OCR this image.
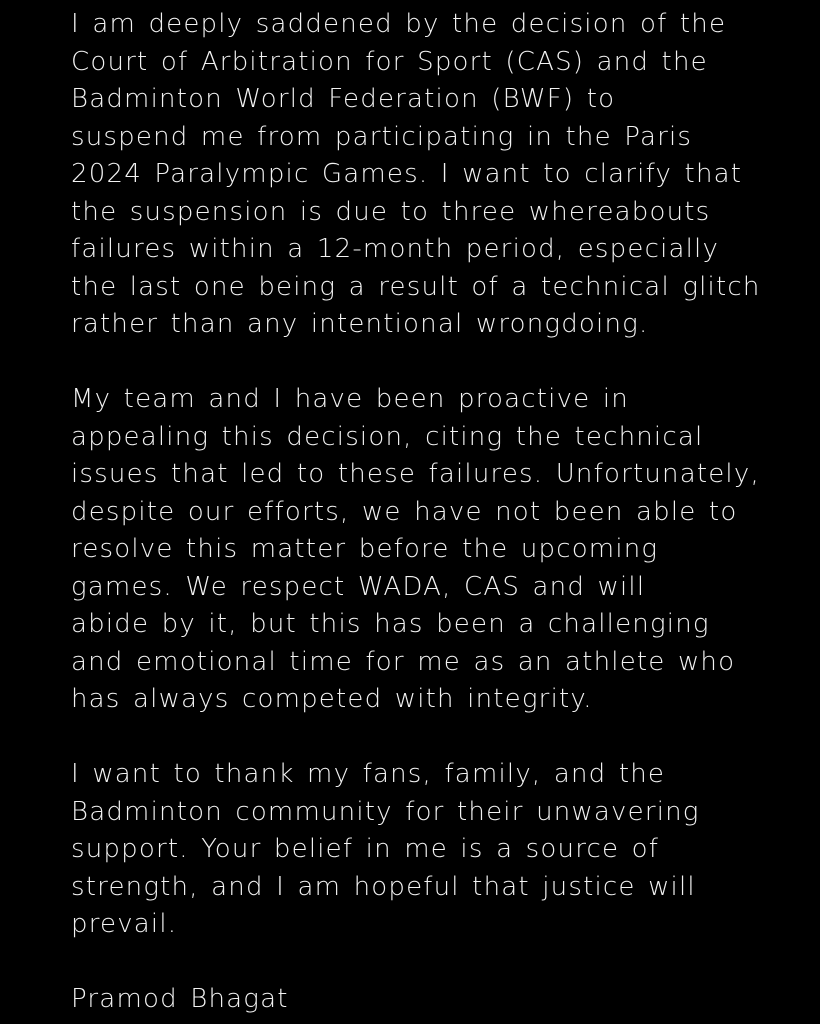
I am deeply saddened by the decision of the
Court of Arbitration for Sport (CAS) and the
Badminton World Federation (BWF) to
suspend me from participating in the Paris
2024 Paralympic Games. I want to clarify that
the suspension is due to three whereabouts
failures within a 12-month period, especially
the last one being a result of a technical glitch
rather than any intentional wrongdoing.
My team and I have been proactive in
appealing this decision, citing the technical
issues that led to these failures. Unfortunately,
despite our efforts, we have not been able to
resolve this matter before the upcoming
games. We respect WADA, CAS and will
abide by it, but this has been a challenging
and emotional time for me as an athlete who
has always competed with integrity.
I want to thank my fans, family, and the
Badminton community for their unwavering
support. Your belief in me is a source of
strength, and I am hopeful that justice will
prevail.
Pramod Bhagat
